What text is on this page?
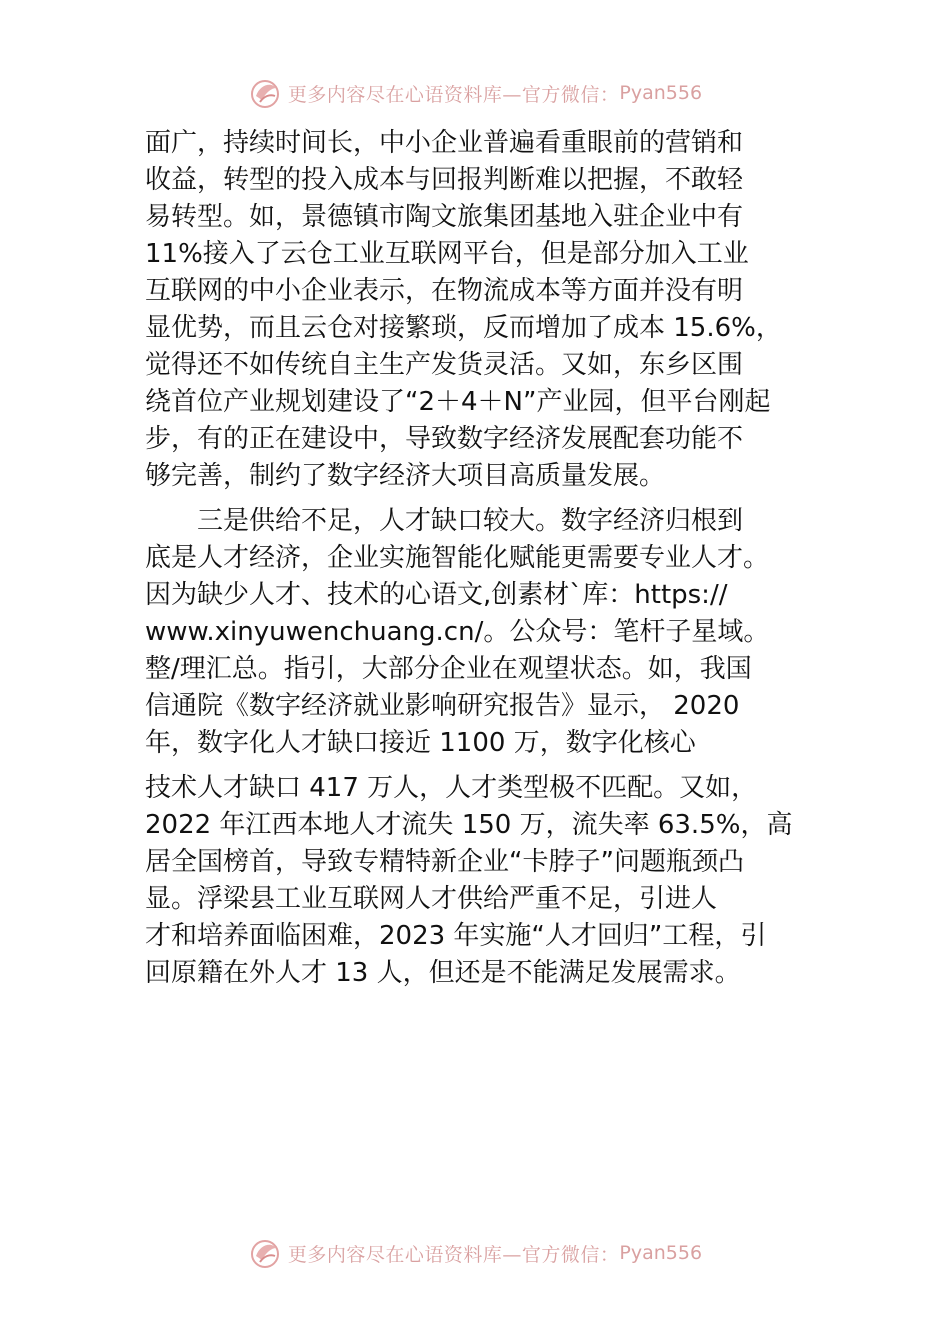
更多内容尽在心语资料库—官方微信： Pyan556
面广，持续时间长，中小企业普遍看重眼前的营销和
收益，转型的投入成本与回报判断难以把握，不敢轻
易转型。如，景德镇市陶文旅集团基地入驻企业中有
11%接入了云仓工业互联网平台，但是部分加入工业
互联网的中小企业表示，在物流成本等方面并没有明
显优势，而且云仓对接繁琐，反而增加了成本 15.6%，
觉得还不如传统自主生产发货灵活。又如，东乡区围
绕首位产业规划建设了“2＋4＋N”产业园，但平台刚起
步，有的正在建设中，导致数字经济发展配套功能不
够完善，制约了数字经济大项目高质量发展。
　　三是供给不足，人才缺口较大。数字经济归根到
底是人才经济，企业实施智能化赋能更需要专业人才。
因为缺少人才、技术的心语文,创素材`库：https://
www.xinyuwenchuang.cn/。公众号：笔杆子星域。
整/理汇总。指引，大部分企业在观望状态。如，我国
信通院《数字经济就业影响研究报告》显示， 2020
年，数字化人才缺口接近 1100 万，数字化核心
技术人才缺口 417 万人，人才类型极不匹配。又如，
2022 年江西本地人才流失 150 万，流失率 63.5%，高
居全国榜首，导致专精特新企业“卡脖子”问题瓶颈凸
显。浮梁县工业互联网人才供给严重不足，引进人
才和培养面临困难，2023 年实施“人才回归”工程，引
回原籍在外人才 13 人，但还是不能满足发展需求。
更多内容尽在心语资料库—官方微信： Pyan556
